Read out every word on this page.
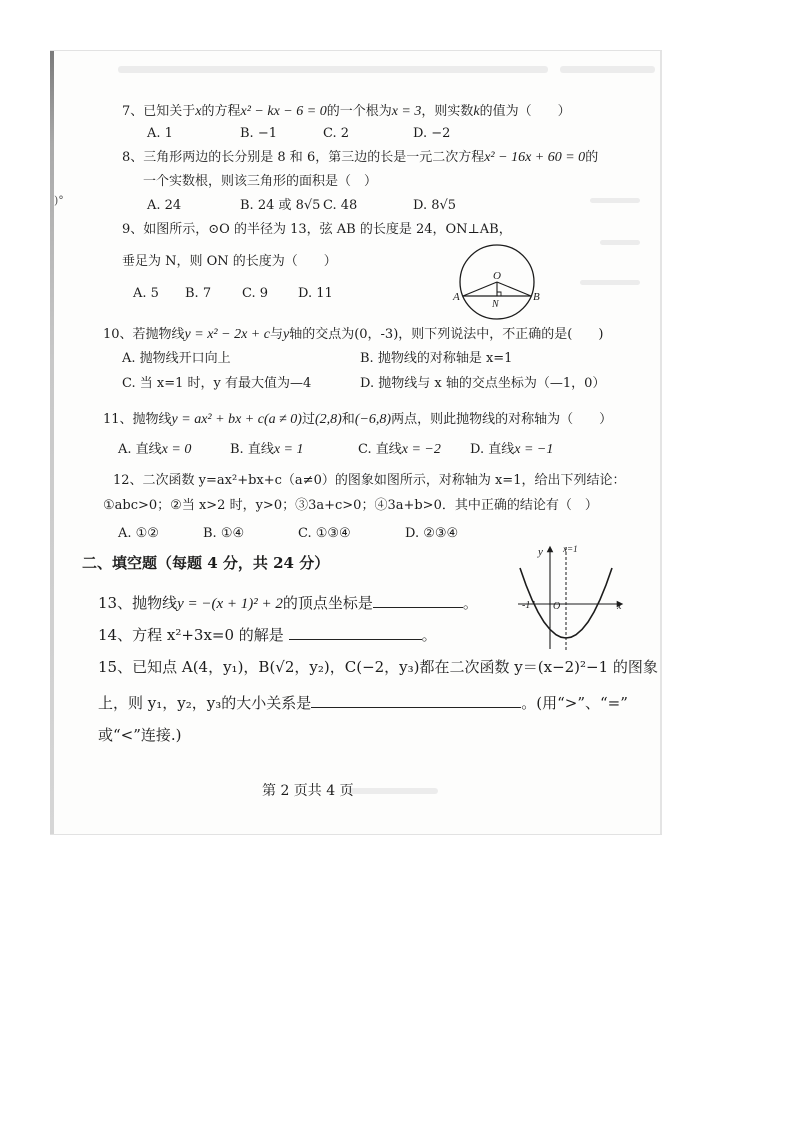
)°
7、已知关于x的方程x² − kx − 6 = 0的一个根为x = 3，则实数k的值为（　　）
A. 1	B. −1	C. 2	D. −2
8、三角形两边的长分别是 8 和 6，第三边的长是一元二次方程x² − 16x + 60 = 0的
一个实数根，则该三角形的面积是（　）
A. 24	B. 24 或 8√5 C. 48	D. 8√5
9、如图所示，⊙O 的半径为 13，弦 AB 的长度是 24，ON⊥AB，
垂足为 N，则 ON 的长度为（　　）
A. 5 B. 7 C. 9 D. 11
O
N
A	B
10、若抛物线y = x² − 2x + c与y轴的交点为(0，-3)，则下列说法中，不正确的是(　　)
A. 抛物线开口向上	B. 抛物线的对称轴是 x=1
C. 当 x=1 时，y 有最大值为—4	D. 抛物线与 x 轴的交点坐标为（—1，0）
11、抛物线y = ax² + bx + c(a ≠ 0)过(2,8)和(−6,8)两点，则此抛物线的对称轴为（　　）
A. 直线x = 0	B. 直线x = 1	C. 直线x = −2 D. 直线x = −1
12、二次函数 y=ax²+bx+c（a≠0）的图象如图所示，对称轴为 x=1，给出下列结论：
①abc>0；②当 x>2 时，y>0；③3a+c>0；④3a+b>0．其中正确的结论有（　）
A. ①②	B. ①④	C. ①③④	D. ②③④
y
x
x=1
-1 O
二、填空题（每题 4 分，共 24 分）
13、抛物线y = −(x + 1)² + 2的顶点坐标是	。
14、方程 x²+3x=0 的解是	。
15、已知点 A(4，y₁)，B(√2，y₂)，C(−2，y₃)都在二次函数 y＝(x−2)²−1 的图象
上，则 y₁，y₂，y₃的大小关系是	。(用“>”、“=”
或“<”连接.)
第 2 页共 4 页
